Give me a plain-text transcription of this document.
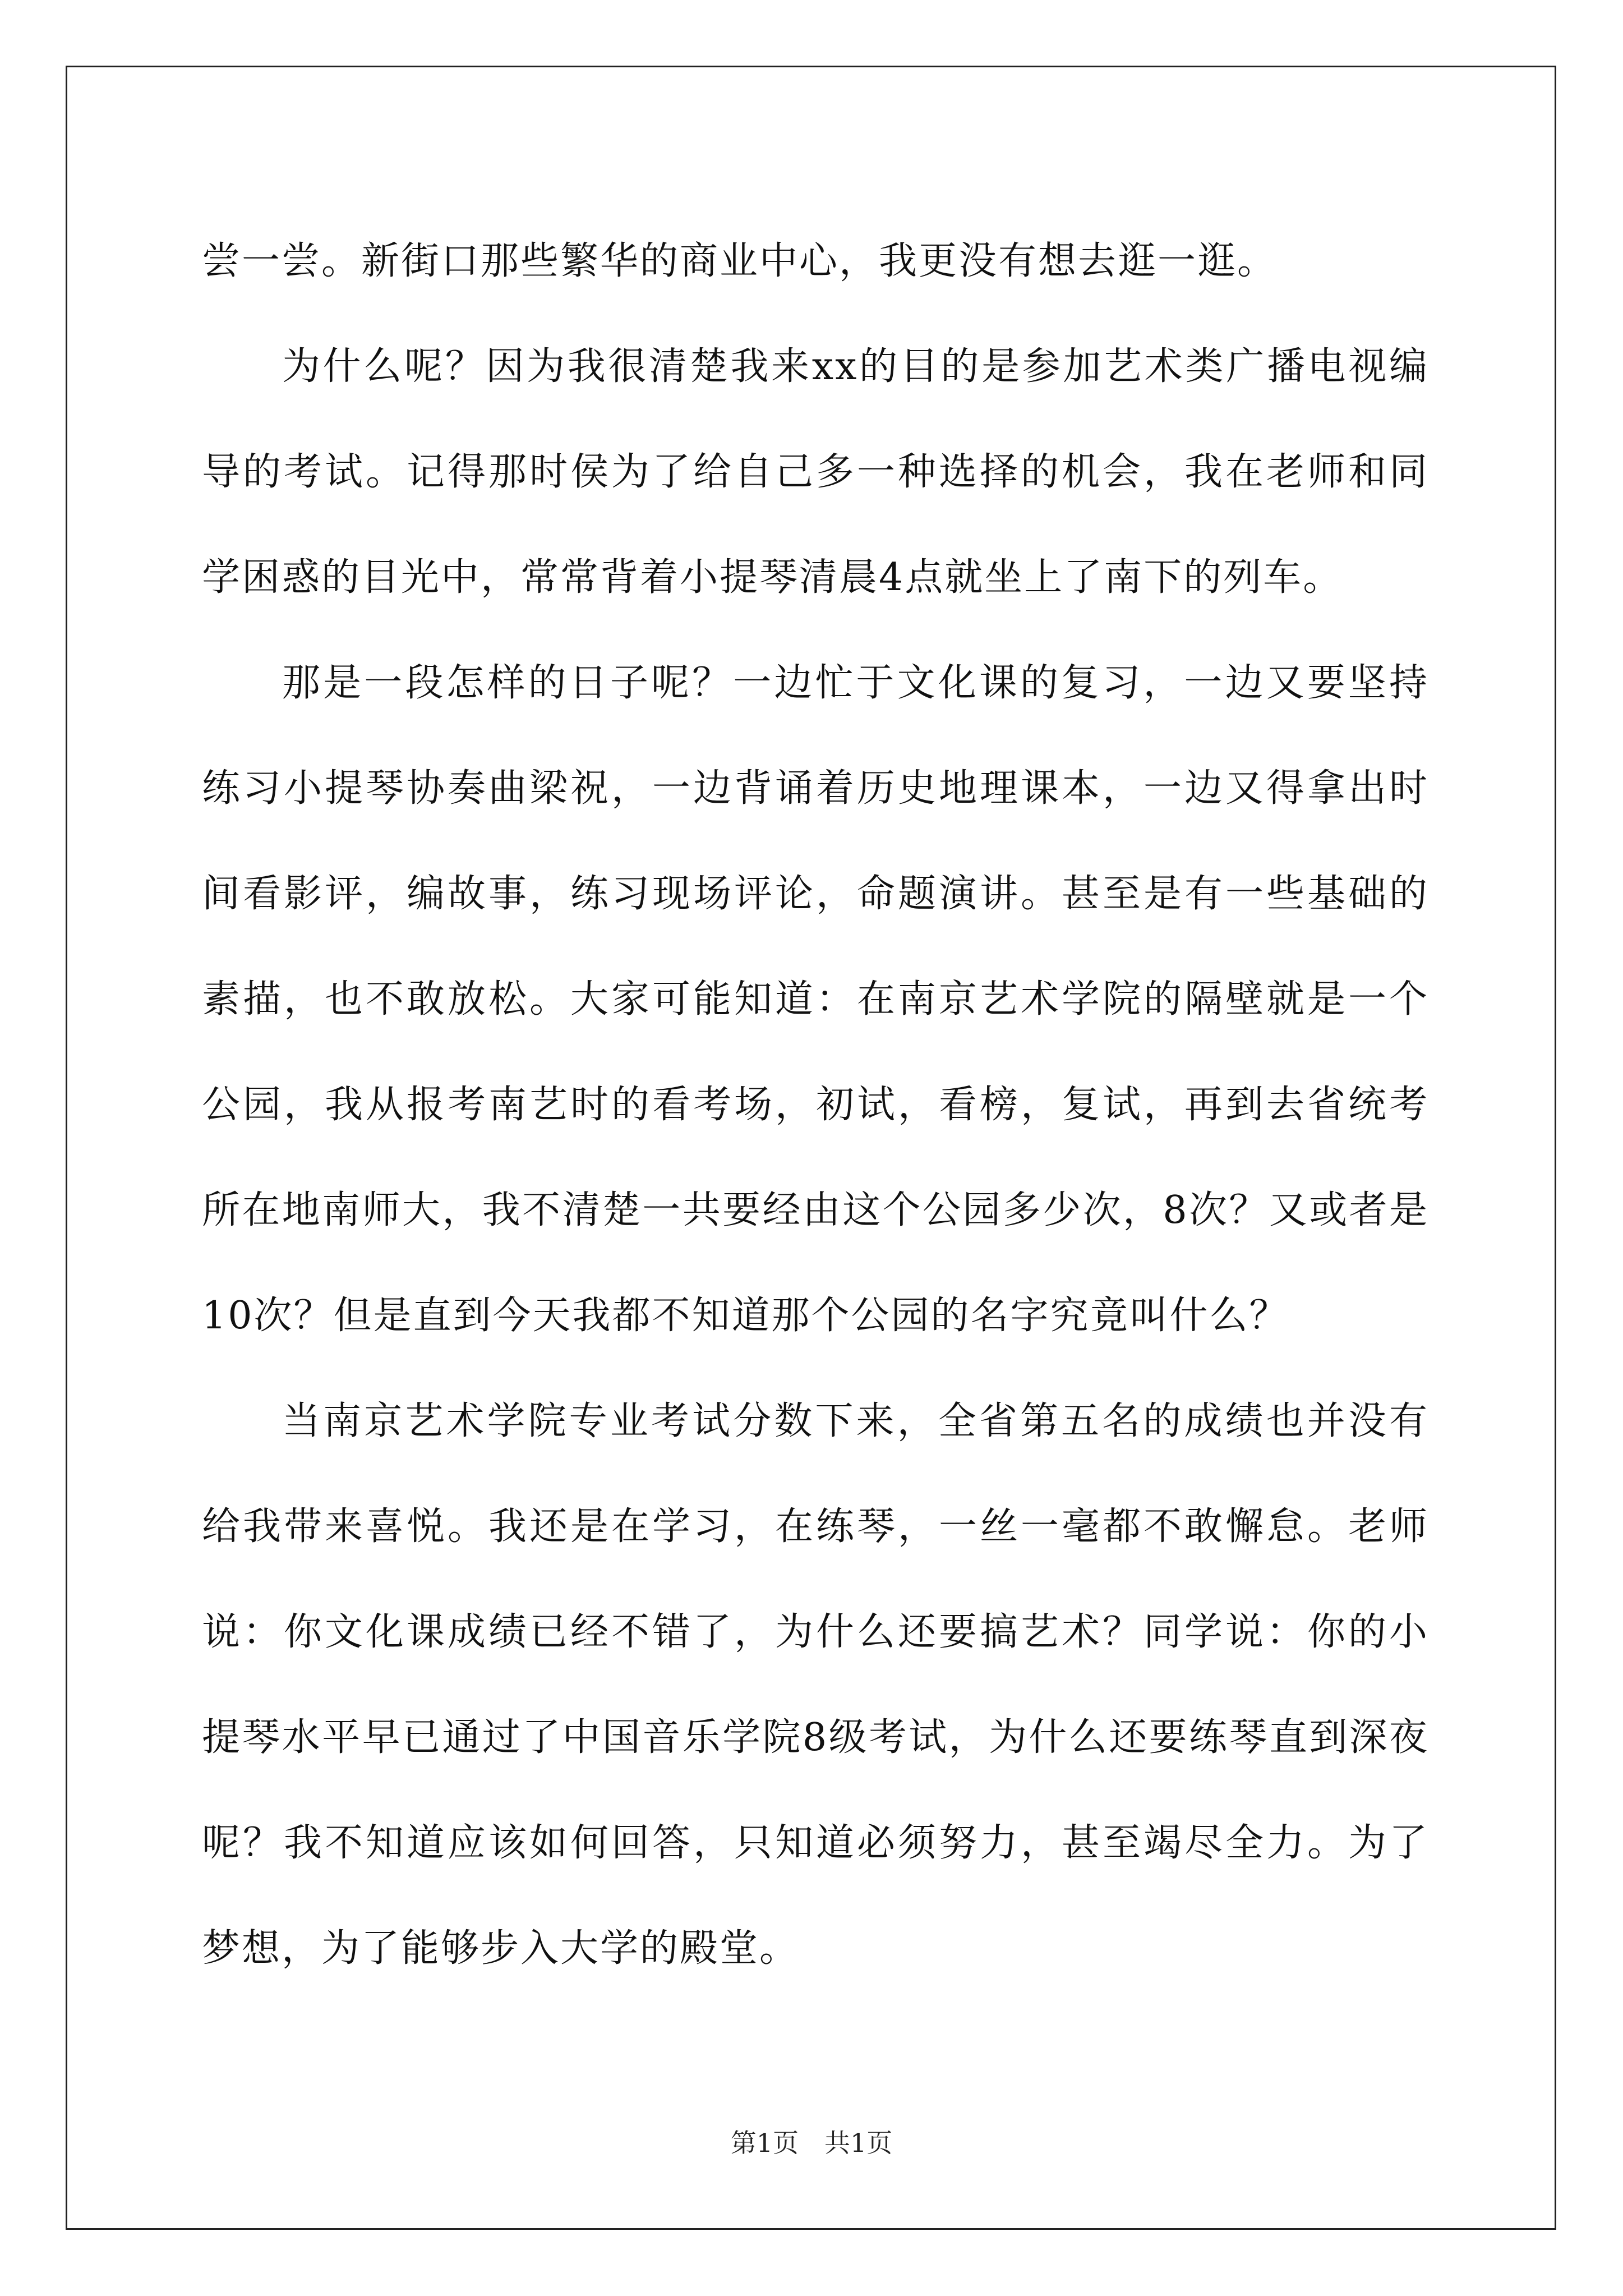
尝一尝。新街口那些繁华的商业中心，我更没有想去逛一逛。

为什么呢？因为我很清楚我来xx的目的是参加艺术类广播电视编导的考试。记得那时侯为了给自己多一种选择的机会，我在老师和同学困惑的目光中，常常背着小提琴清晨4点就坐上了南下的列车。

那是一段怎样的日子呢？一边忙于文化课的复习，一边又要坚持练习小提琴协奏曲梁祝，一边背诵着历史地理课本，一边又得拿出时间看影评，编故事，练习现场评论，命题演讲。甚至是有一些基础的素描，也不敢放松。大家可能知道：在南京艺术学院的隔壁就是一个公园，我从报考南艺时的看考场，初试，看榜，复试，再到去省统考所在地南师大，我不清楚一共要经由这个公园多少次，8次？又或者是10次？但是直到今天我都不知道那个公园的名字究竟叫什么？

当南京艺术学院专业考试分数下来，全省第五名的成绩也并没有给我带来喜悦。我还是在学习，在练琴，一丝一毫都不敢懈怠。老师说：你文化课成绩已经不错了，为什么还要搞艺术？同学说：你的小提琴水平早已通过了中国音乐学院8级考试，为什么还要练琴直到深夜呢？我不知道应该如何回答，只知道必须努力，甚至竭尽全力。为了梦想，为了能够步入大学的殿堂。

第1页　共1页
